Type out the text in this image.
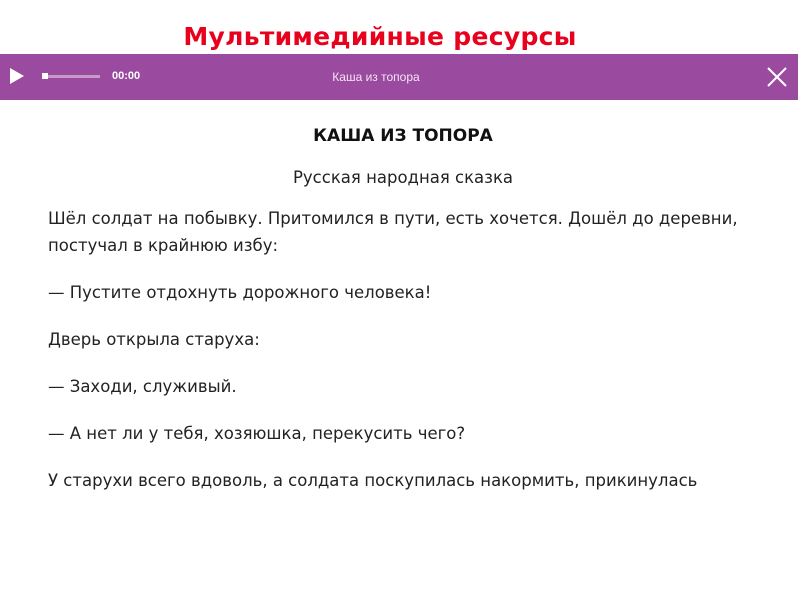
Мультимедийные ресурсы
00:00	Каша из топора
КАША ИЗ ТОПОРА
Русская народная сказка

Шёл солдат на побывку. Притомился в пути, есть хочется. Дошёл до деревни, постучал в крайнюю избу:

— Пустите отдохнуть дорожного человека!

Дверь открыла старуха:

— Заходи, служивый.

— А нет ли у тебя, хозяюшка, перекусить чего?

У старухи всего вдоволь, а солдата поскупилась накормить, прикинулась
